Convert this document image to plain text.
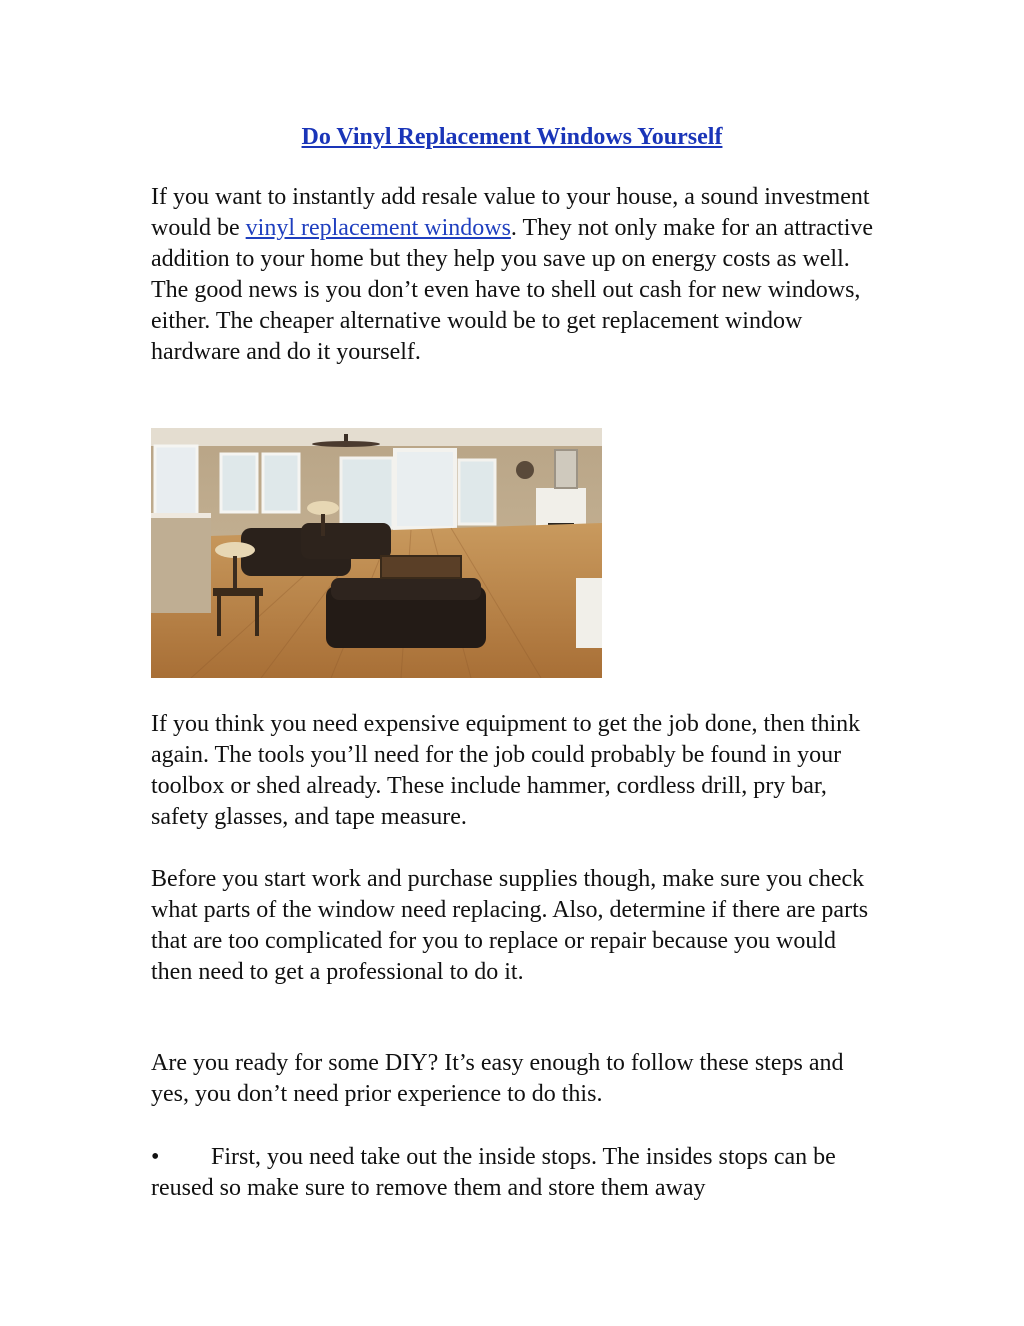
Do Vinyl Replacement Windows Yourself

If you want to instantly add resale value to your house, a sound investment would be vinyl replacement windows. They not only make for an attractive addition to your home but they help you save up on energy costs as well. The good news is you don’t even have to shell out cash for new windows, either. The cheaper alternative would be to get replacement window hardware and do it yourself.

If you think you need expensive equipment to get the job done, then think again. The tools you’ll need for the job could probably be found in your toolbox or shed already. These include hammer, cordless drill, pry bar, safety glasses, and tape measure.

Before you start work and purchase supplies though, make sure you check what parts of the window need replacing. Also, determine if there are parts that are too complicated for you to replace or repair because you would then need to get a professional to do it.

Are you ready for some DIY? It’s easy enough to follow these steps and yes, you don’t need prior experience to do this.

• First, you need take out the inside stops. The insides stops can be reused so make sure to remove them and store them away
